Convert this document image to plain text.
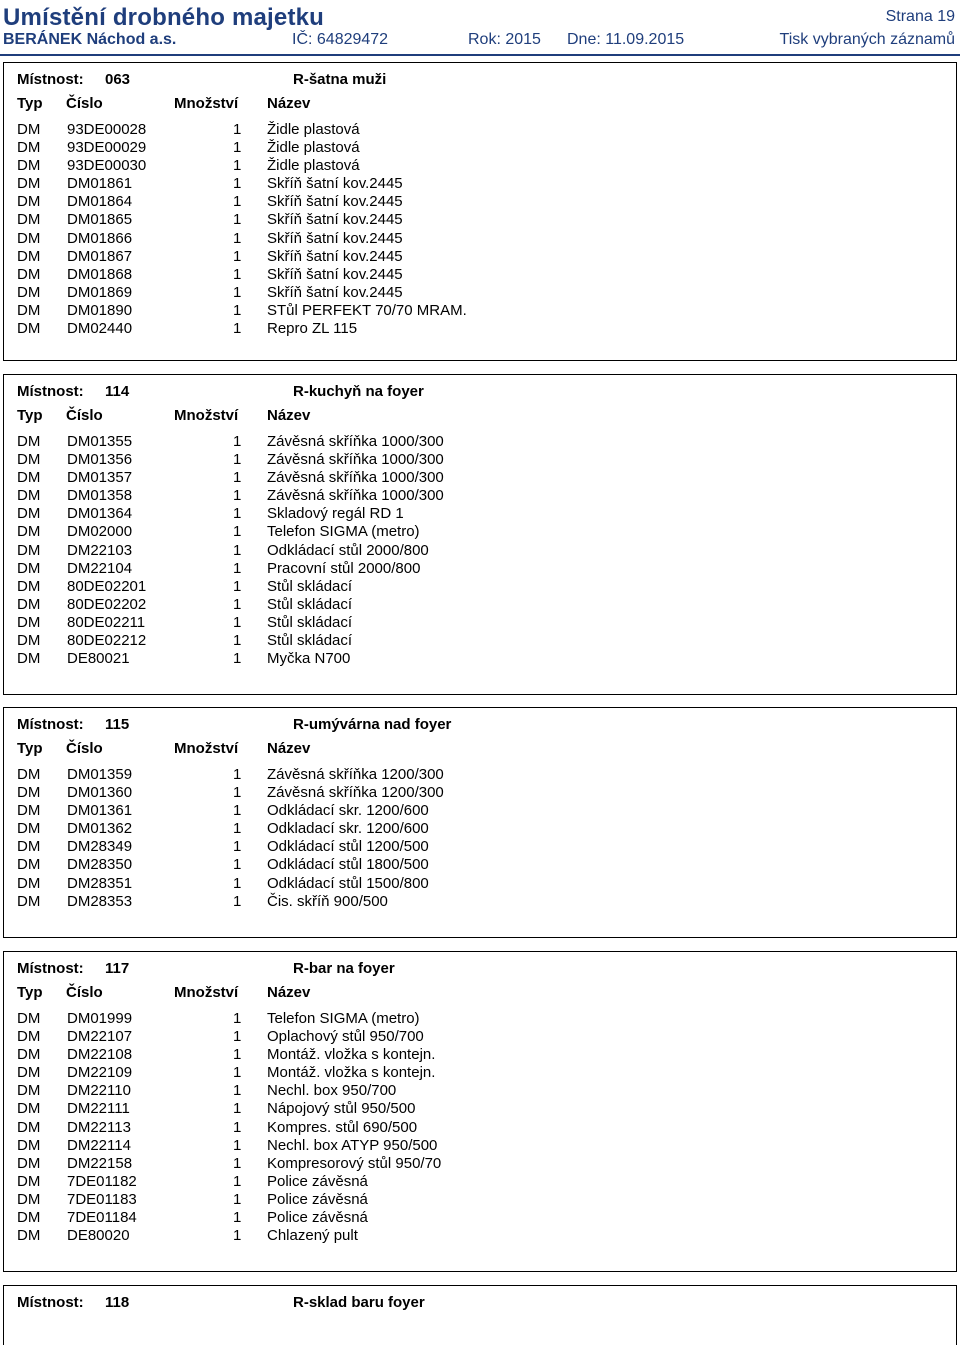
Umístění drobného majetku	Strana 19
BERÁNEK Náchod a.s.	IČ: 64829472	Rok: 2015 Dne: 11.09.2015	Tisk vybraných záznamů
Místnost: 063	R-šatna muži
Typ Číslo	Množství Název
DM 93DE00028	1 Židle plastová
DM 93DE00029	1 Židle plastová
DM 93DE00030	1 Židle plastová
DM DM01861	1 Skříň šatní kov.2445
DM DM01864	1 Skříň šatní kov.2445
DM DM01865	1 Skříň šatní kov.2445
DM DM01866	1 Skříň šatní kov.2445
DM DM01867	1 Skříň šatní kov.2445
DM DM01868	1 Skříň šatní kov.2445
DM DM01869	1 Skříň šatní kov.2445
DM DM01890	1 STůl PERFEKT 70/70 MRAM.
DM DM02440	1 Repro ZL 115
Místnost: 114	R-kuchyň na foyer
Typ Číslo	Množství Název
DM DM01355	1 Závěsná skříňka 1000/300
DM DM01356	1 Závěsná skříňka 1000/300
DM DM01357	1 Závěsná skříňka 1000/300
DM DM01358	1 Závěsná skříňka 1000/300
DM DM01364	1 Skladový regál RD 1
DM DM02000	1 Telefon SIGMA (metro)
DM DM22103	1 Odkládací stůl 2000/800
DM DM22104	1 Pracovní stůl 2000/800
DM 80DE02201	1 Stůl skládací
DM 80DE02202	1 Stůl skládací
DM 80DE02211	1 Stůl skládací
DM 80DE02212	1 Stůl skládací
DM DE80021	1 Myčka N700
Místnost: 115	R-umývárna nad foyer
Typ Číslo	Množství Název
DM DM01359	1 Závěsná skříňka 1200/300
DM DM01360	1 Závěsná skříňka 1200/300
DM DM01361	1 Odkládací skr. 1200/600
DM DM01362	1 Odkladací skr. 1200/600
DM DM28349	1 Odkládací stůl 1200/500
DM DM28350	1 Odkládací stůl 1800/500
DM DM28351	1 Odkládací stůl 1500/800
DM DM28353	1 Čis. skříň 900/500
Místnost: 117	R-bar na foyer
Typ Číslo	Množství Název
DM DM01999	1 Telefon SIGMA (metro)
DM DM22107	1 Oplachový stůl 950/700
DM DM22108	1 Montáž. vložka s kontejn.
DM DM22109	1 Montáž. vložka s kontejn.
DM DM22110	1 Nechl. box 950/700
DM DM22111	1 Nápojový stůl 950/500
DM DM22113	1 Kompres. stůl 690/500
DM DM22114	1 Nechl. box ATYP 950/500
DM DM22158	1 Kompresorový stůl 950/70
DM 7DE01182	1 Police závěsná
DM 7DE01183	1 Police závěsná
DM 7DE01184	1 Police závěsná
DM DE80020	1 Chlazený pult
Místnost: 118	R-sklad baru foyer
